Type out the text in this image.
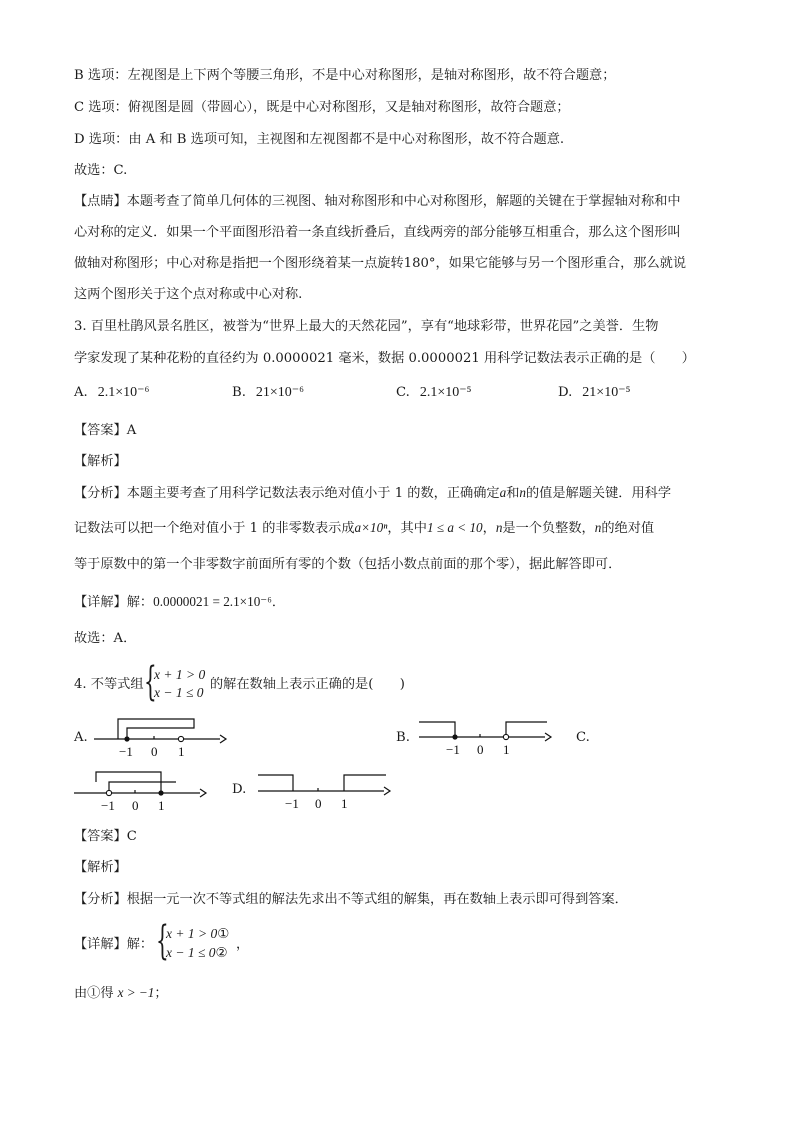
B 选项：左视图是上下两个等腰三角形，不是中心对称图形，是轴对称图形，故不符合题意；
C 选项：俯视图是圆（带圆心），既是中心对称图形，又是轴对称图形，故符合题意；
D 选项：由 A 和 B 选项可知，主视图和左视图都不是中心对称图形，故不符合题意.
故选：C.
【点睛】本题考查了简单几何体的三视图、轴对称图形和中心对称图形，解题的关键在于掌握轴对称和中
心对称的定义．如果一个平面图形沿着一条直线折叠后，直线两旁的部分能够互相重合，那么这个图形叫
做轴对称图形；中心对称是指把一个图形绕着某一点旋转180°，如果它能够与另一个图形重合，那么就说
这两个图形关于这个点对称或中心对称.
3. 百里杜鹃风景名胜区，被誉为“世界上最大的天然花园”，享有“地球彩带，世界花园”之美誉．生物
学家发现了某种花粉的直径约为 0.0000021 毫米，数据 0.0000021 用科学记数法表示正确的是（　　）
A. 2.1×10⁻⁶	B. 21×10⁻⁶	C. 2.1×10⁻⁵	D. 21×10⁻⁵
【答案】A
【解析】
【分析】本题主要考查了用科学记数法表示绝对值小于 1 的数，正确确定a和n的值是解题关键．用科学
记数法可以把一个绝对值小于 1 的非零数表示成a×10ⁿ，其中1 ≤ a < 10，n是一个负整数，n的绝对值
等于原数中的第一个非零数字前面所有零的个数（包括小数点前面的那个零），据此解答即可．
【详解】解：0.0000021 = 2.1×10⁻⁶．
故选：A．
4. 不等式组 {
x + 1 > 0
x − 1 ≤ 0
的解在数轴上表示正确的是(　　)
A.
−1 0 1
B.
−1 0 1
C.
−1 0 1
D.
−1 0 1
【答案】C
【解析】
【分析】根据一元一次不等式组的解法先求出不等式组的解集，再在数轴上表示即可得到答案．
【详解】解： {
x + 1 > 0①
x − 1 ≤ 0②
，
由①得 x > −1；
